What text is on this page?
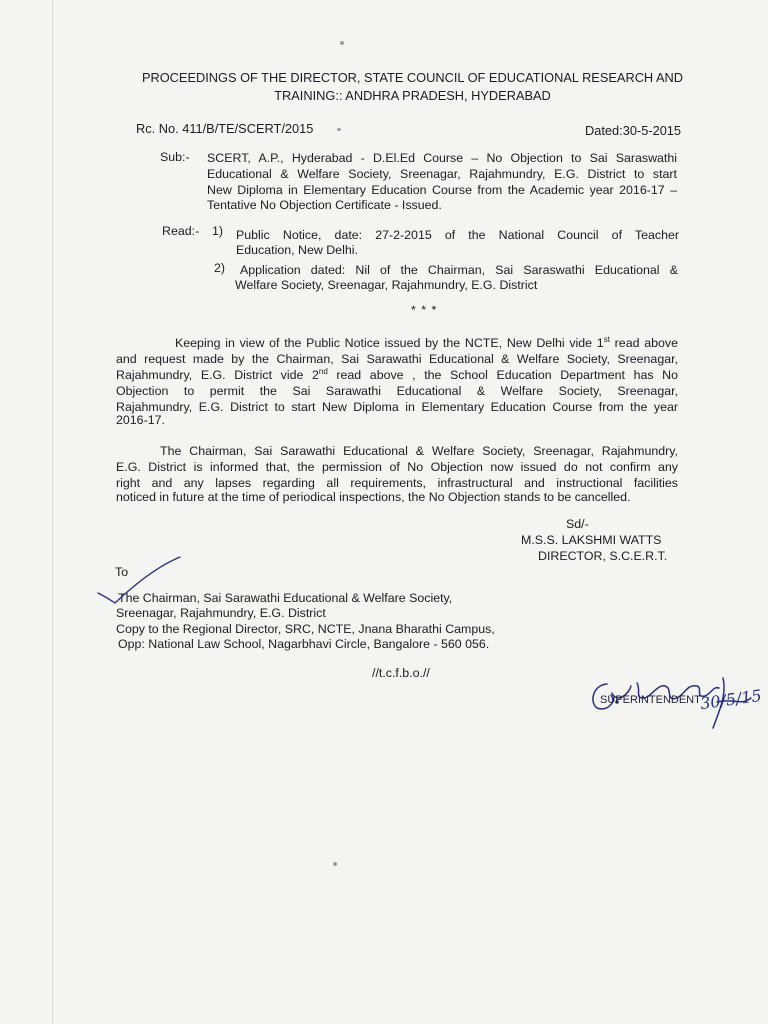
PROCEEDINGS OF THE DIRECTOR, STATE COUNCIL OF EDUCATIONAL RESEARCH AND
TRAINING:: ANDHRA PRADESH, HYDERABAD
Rc. No. 411/B/TE/SCERT/2015	Dated:30-5-2015
Sub:- SCERT, A.P., Hyderabad - D.El.Ed Course – No Objection to Sai Saraswathi
Educational & Welfare Society, Sreenagar, Rajahmundry, E.G. District to start
New Diploma in Elementary Education Course from the Academic year 2016-17 –
Tentative No Objection Certificate - Issued.
Read:- 1) Public Notice, date: 27-2-2015 of the National Council of Teacher
Education, New Delhi.
2) Application dated: Nil of the Chairman, Sai Saraswathi Educational &
Welfare Society, Sreenagar, Rajahmundry, E.G. District
* * *
Keeping in view of the Public Notice issued by the NCTE, New Delhi vide 1st read above
and request made by the Chairman, Sai Sarawathi Educational & Welfare Society, Sreenagar,
Rajahmundry, E.G. District vide 2nd read above , the School Education Department has No
Objection to permit the Sai Sarawathi Educational & Welfare Society, Sreenagar,
Rajahmundry, E.G. District to start New Diploma in Elementary Education Course from the year
2016-17.
The Chairman, Sai Sarawathi Educational & Welfare Society, Sreenagar, Rajahmundry,
E.G. District is informed that, the permission of No Objection now issued do not confirm any
right and any lapses regarding all requirements, infrastructural and instructional facilities
noticed in future at the time of periodical inspections, the No Objection stands to be cancelled.
Sd/-
M.S.S. LAKSHMI WATTS
DIRECTOR, S.C.E.R.T.
To
The Chairman, Sai Sarawathi Educational & Welfare Society,
Sreenagar, Rajahmundry, E.G. District
Copy to the Regional Director, SRC, NCTE, Jnana Bharathi Campus,
Opp: National Law School, Nagarbhavi Circle, Bangalore - 560 056.
//t.c.f.b.o.//
SUPERINTENDENT
30/5/15
